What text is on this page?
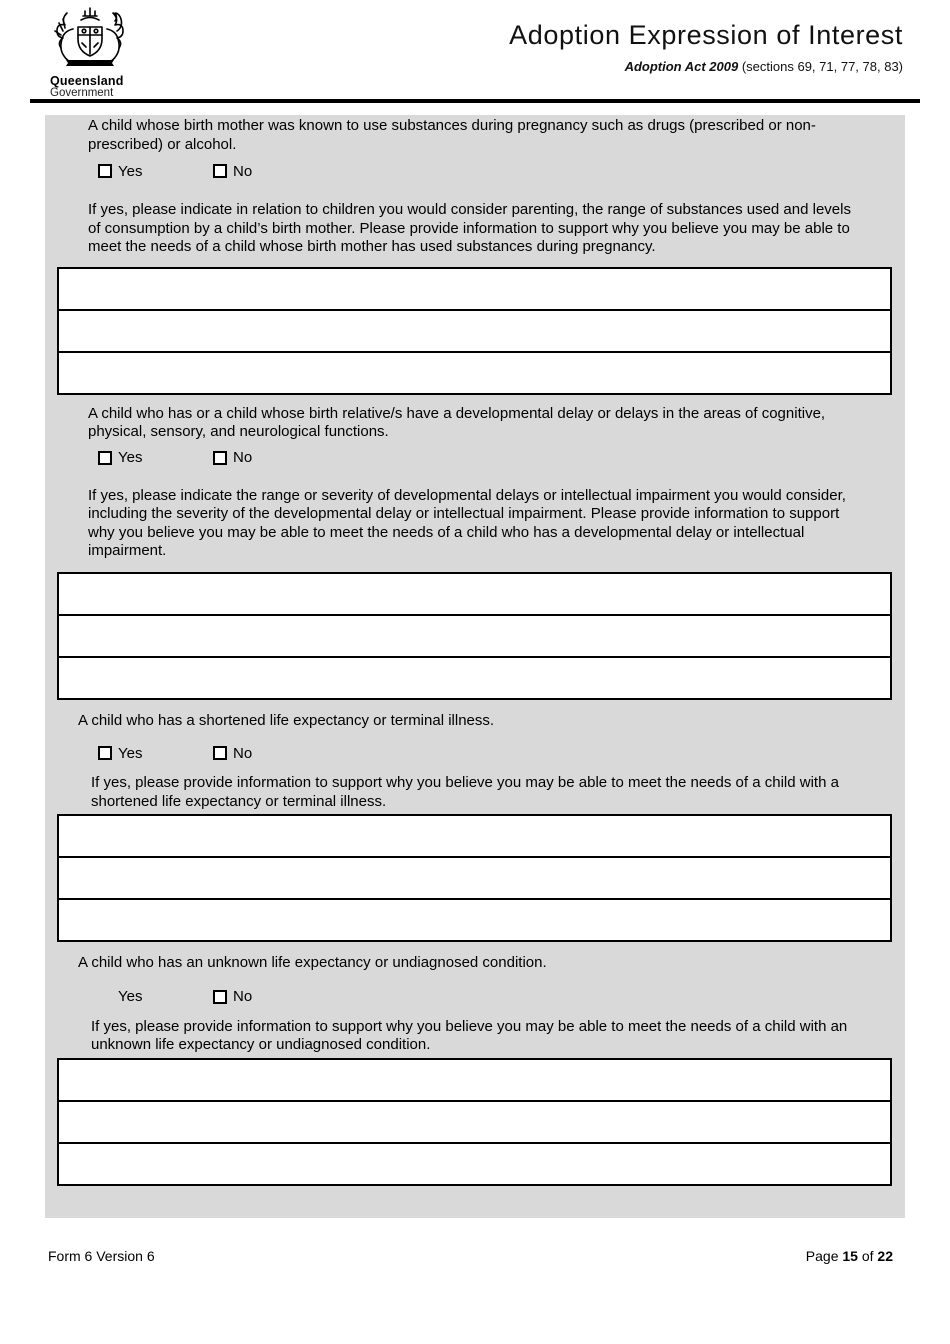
Queensland
Government
Adoption Expression of Interest
Adoption Act 2009 (sections 69, 71, 77, 78, 83)

A child whose birth mother was known to use substances during pregnancy such as drugs (prescribed or non-prescribed) or alcohol.

Yes	No

If yes, please indicate in relation to children you would consider parenting, the range of substances used and levels of consumption by a child’s birth mother. Please provide information to support why you believe you may be able to meet the needs of a child whose birth mother has used substances during pregnancy.

A child who has or a child whose birth relative/s have a developmental delay or delays in the areas of cognitive, physical, sensory, and neurological functions.

Yes	No

If yes, please indicate the range or severity of developmental delays or intellectual impairment you would consider, including the severity of the developmental delay or intellectual impairment. Please provide information to support why you believe you may be able to meet the needs of a child who has a developmental delay or intellectual impairment.

A child who has a shortened life expectancy or terminal illness.

Yes	No

If yes, please provide information to support why you believe you may be able to meet the needs of a child with a shortened life expectancy or terminal illness.

A child who has an unknown life expectancy or undiagnosed condition.

Yes	No

If yes, please provide information to support why you believe you may be able to meet the needs of a child with an unknown life expectancy or undiagnosed condition.

Form 6 Version 6	Page 15 of 22
